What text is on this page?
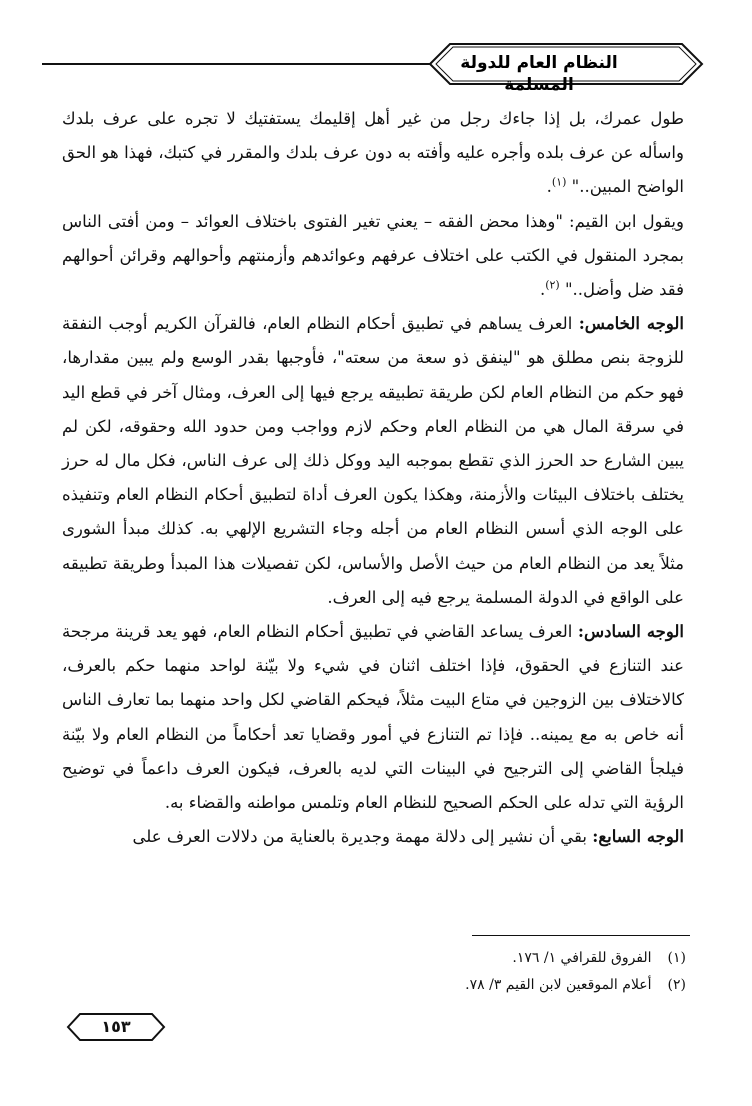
النظام العام للدولة المسلمة

طول عمرك، بل إذا جاءك رجل من غير أهل إقليمك يستفتيك لا تجره على عرف بلدك واسأله عن عرف بلده وأجره عليه وأفته به دون عرف بلدك والمقرر في كتبك، فهذا هو الحق الواضح المبين.." $^{(١)}$.

ويقول ابن القيم: "وهذا محض الفقه – يعني تغير الفتوى باختلاف العوائد – ومن أفتى الناس بمجرد المنقول في الكتب على اختلاف عرفهم وعوائدهم وأزمنتهم وأحوالهم وقرائن أحوالهم فقد ضل وأضل.." $^{(٢)}$.

الوجه الخامس: العرف يساهم في تطبيق أحكام النظام العام، فالقرآن الكريم أوجب النفقة للزوجة بنص مطلق هو "لينفق ذو سعة من سعته"، فأوجبها بقدر الوسع ولم يبين مقدارها، فهو حكم من النظام العام لكن طريقة تطبيقه يرجع فيها إلى العرف، ومثال آخر في قطع اليد في سرقة المال هي من النظام العام وحكم لازم وواجب ومن حدود الله وحقوقه، لكن لم يبين الشارع حد الحرز الذي تقطع بموجبه اليد ووكل ذلك إلى عرف الناس، فكل مال له حرز يختلف باختلاف البيئات والأزمنة، وهكذا يكون العرف أداة لتطبيق أحكام النظام العام وتنفيذه على الوجه الذي أسس النظام العام من أجله وجاء التشريع الإلهي به. كذلك مبدأ الشورى مثلاً يعد من النظام العام من حيث الأصل والأساس، لكن تفصيلات هذا المبدأ وطريقة تطبيقه على الواقع في الدولة المسلمة يرجع فيه إلى العرف.

الوجه السادس: العرف يساعد القاضي في تطبيق أحكام النظام العام، فهو يعد قرينة مرجحة عند التنازع في الحقوق، فإذا اختلف اثنان في شيء ولا بيّنة لواحد منهما حكم بالعرف، كالاختلاف بين الزوجين في متاع البيت مثلاً، فيحكم القاضي لكل واحد منهما بما تعارف الناس أنه خاص به مع يمينه.. فإذا تم التنازع في أمور وقضايا تعد أحكاماً من النظام العام ولا بيّنة فيلجأ القاضي إلى الترجيح في البينات التي لديه بالعرف، فيكون العرف داعماً في توضيح الرؤية التي تدله على الحكم الصحيح للنظام العام وتلمس مواطنه والقضاء به.

الوجه السابع: بقي أن نشير إلى دلالة مهمة وجديرة بالعناية من دلالات العرف على

(١) الفروق للقرافي ١/ ١٧٦.
(٢) أعلام الموقعين لابن القيم ٣/ ٧٨.
١٥٣
